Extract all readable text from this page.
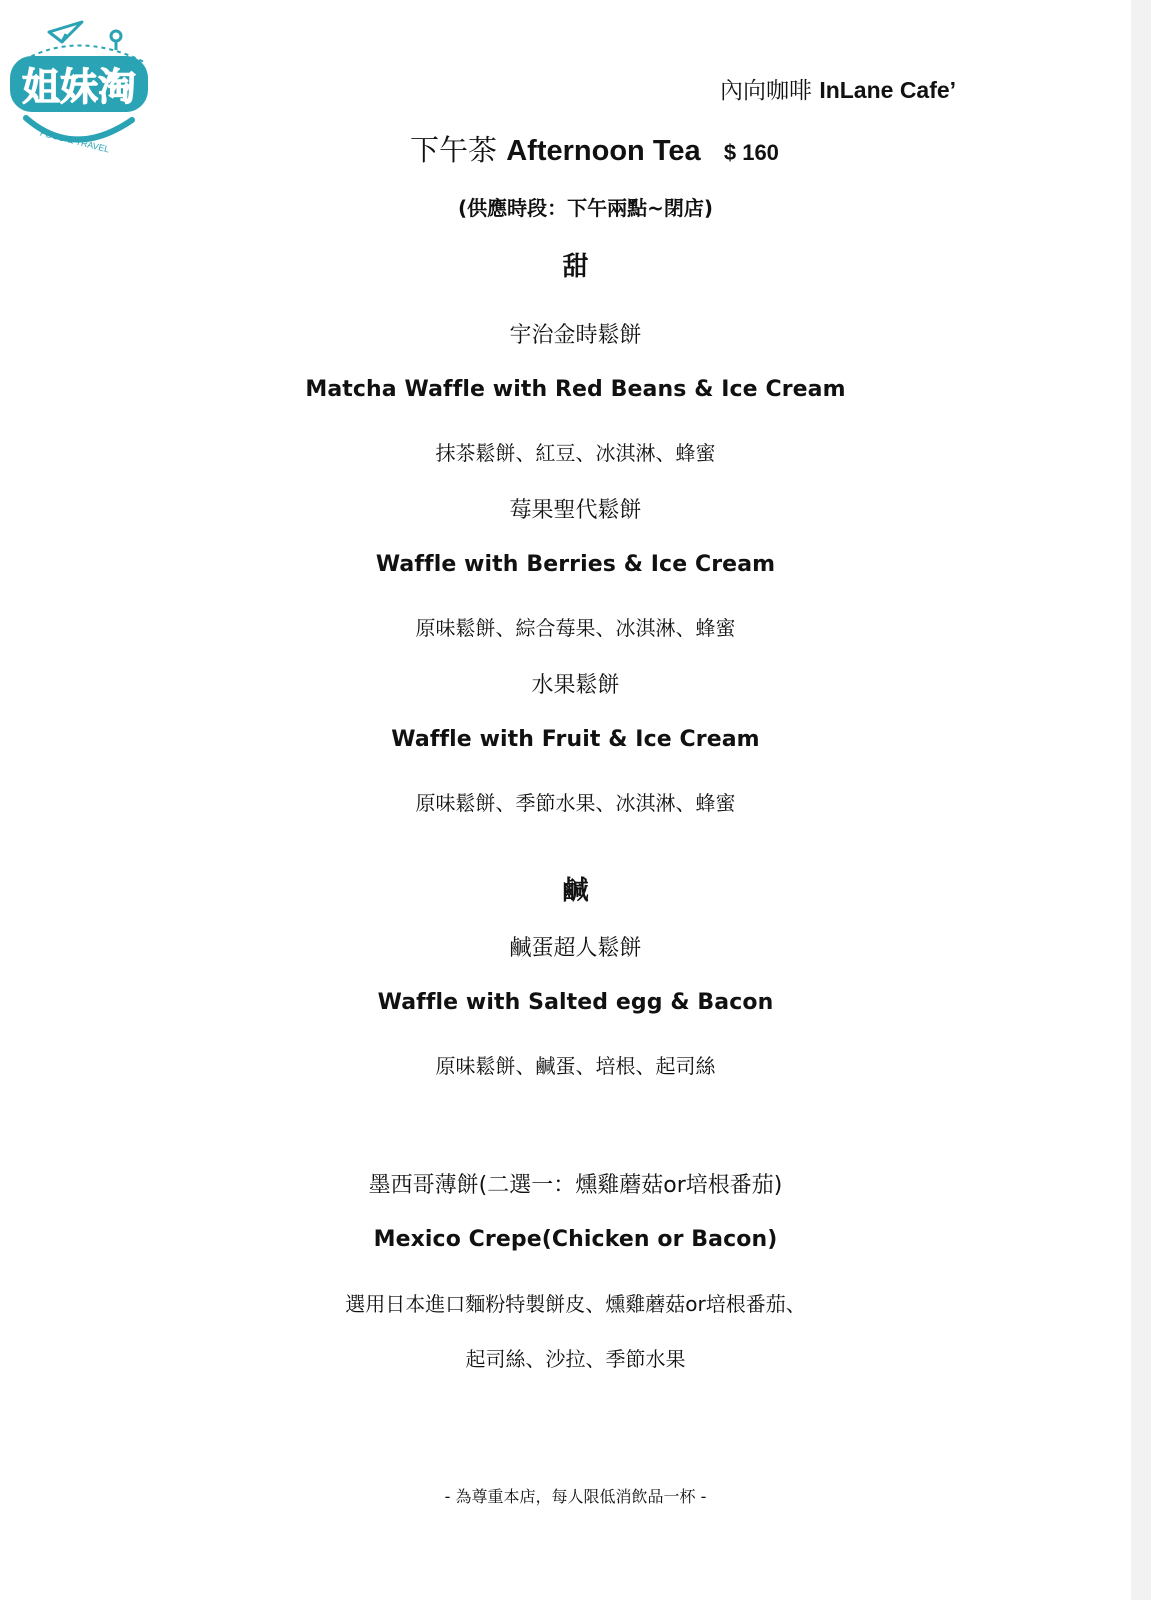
姐妹淘
FOOD & TRAVEL
內向咖啡 InLane Cafe’
下午茶 Afternoon Tea $ 160
(供應時段：下午兩點~閉店)
甜
宇治金時鬆餅
Matcha Waffle with Red Beans & Ice Cream
抹茶鬆餅、紅豆、冰淇淋、蜂蜜
莓果聖代鬆餅
Waffle with Berries & Ice Cream
原味鬆餅、綜合莓果、冰淇淋、蜂蜜
水果鬆餅
Waffle with Fruit & Ice Cream
原味鬆餅、季節水果、冰淇淋、蜂蜜
鹹
鹹蛋超人鬆餅
Waffle with Salted egg & Bacon
原味鬆餅、鹹蛋、培根、起司絲
墨西哥薄餅(二選一：燻雞蘑菇or培根番茄)
Mexico Crepe(Chicken or Bacon)
選用日本進口麵粉特製餅皮、燻雞蘑菇or培根番茄、
起司絲、沙拉、季節水果
- 為尊重本店，每人限低消飲品一杯 -
